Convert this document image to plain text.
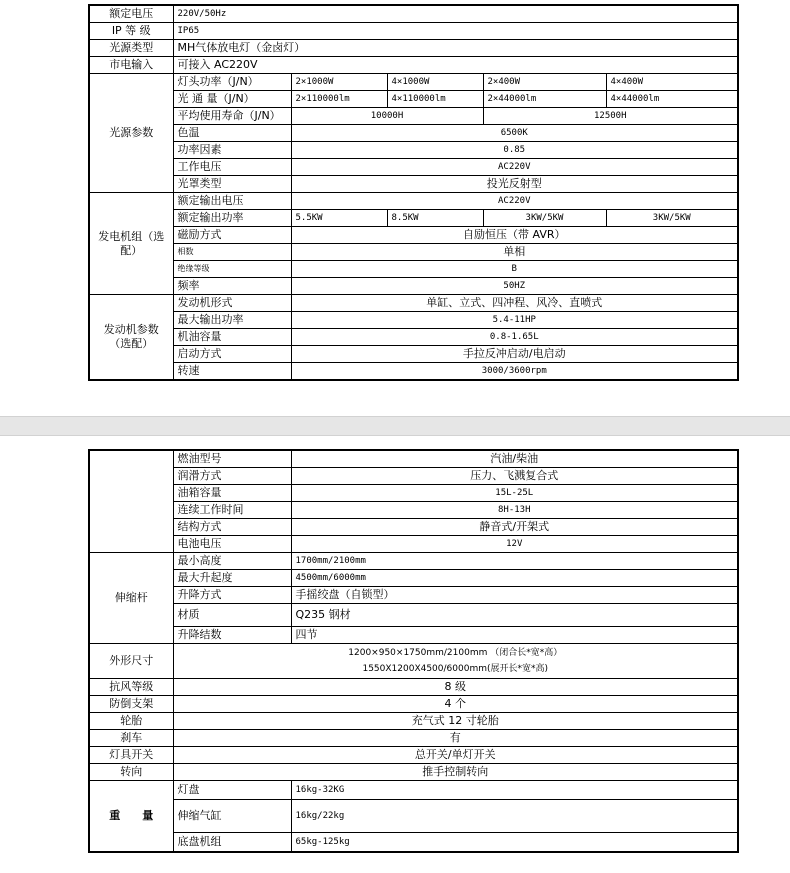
额定电压	220V/50Hz				
IP 等 级	IP65				
光源类型	MH气体放电灯（金卤灯）				
市电输入	可接入 AC220V				
光源参数	灯头功率（J/N）	2×1000W	4×1000W	2×400W	4×400W
	光 通 量（J/N）	2×110000lm	4×110000lm	2×44000lm	4×44000lm
	平均使用寿命（J/N）	10000H		12500H	
	色温	6500K			
	功率因素	0.85			
	工作电压	AC220V			
	光罩类型	投光反射型			
发电机组（选配）	额定输出电压	AC220V			
	额定输出功率	5.5KW	8.5KW	3KW/5KW	3KW/5KW
	磁励方式	自励恒压（带 AVR）			
	相数	单相			
	绝缘等级	B			
	频率	50HZ			
发动机参数（选配）	发动机形式	单缸、立式、四冲程、风冷、直喷式			
	最大输出功率	5.4-11HP			
	机油容量	0.8-1.65L			
	启动方式	手拉反冲启动/电启动			
	转速	3000/3600rpm			
	燃油型号	汽油/柴油
	润滑方式	压力、飞溅复合式
	油箱容量	15L-25L
	连续工作时间	8H-13H
	结构方式	静音式/开架式
	电池电压	12V
伸缩杆	最小高度	1700mm/2100mm
	最大升起度	4500mm/6000mm
	升降方式	手摇绞盘（自锁型）
	材质	Q235 钢材
	升降结数	四节
外形尺寸	1200×950×1750mm/2100mm （闭合长*宽*高）
1550X1200X4500/6000mm(展开长*宽*高)	

抗风等级	8 级	
防倒支架	4 个	
轮胎	充气式 12 寸轮胎	
刹车	有	
灯具开关	总开关/单灯开关	
转向	推手控制转向	
重　　量	灯盘	16kg-32KG
	伸缩气缸	16kg/22kg
	底盘机组	65kg-125kg
